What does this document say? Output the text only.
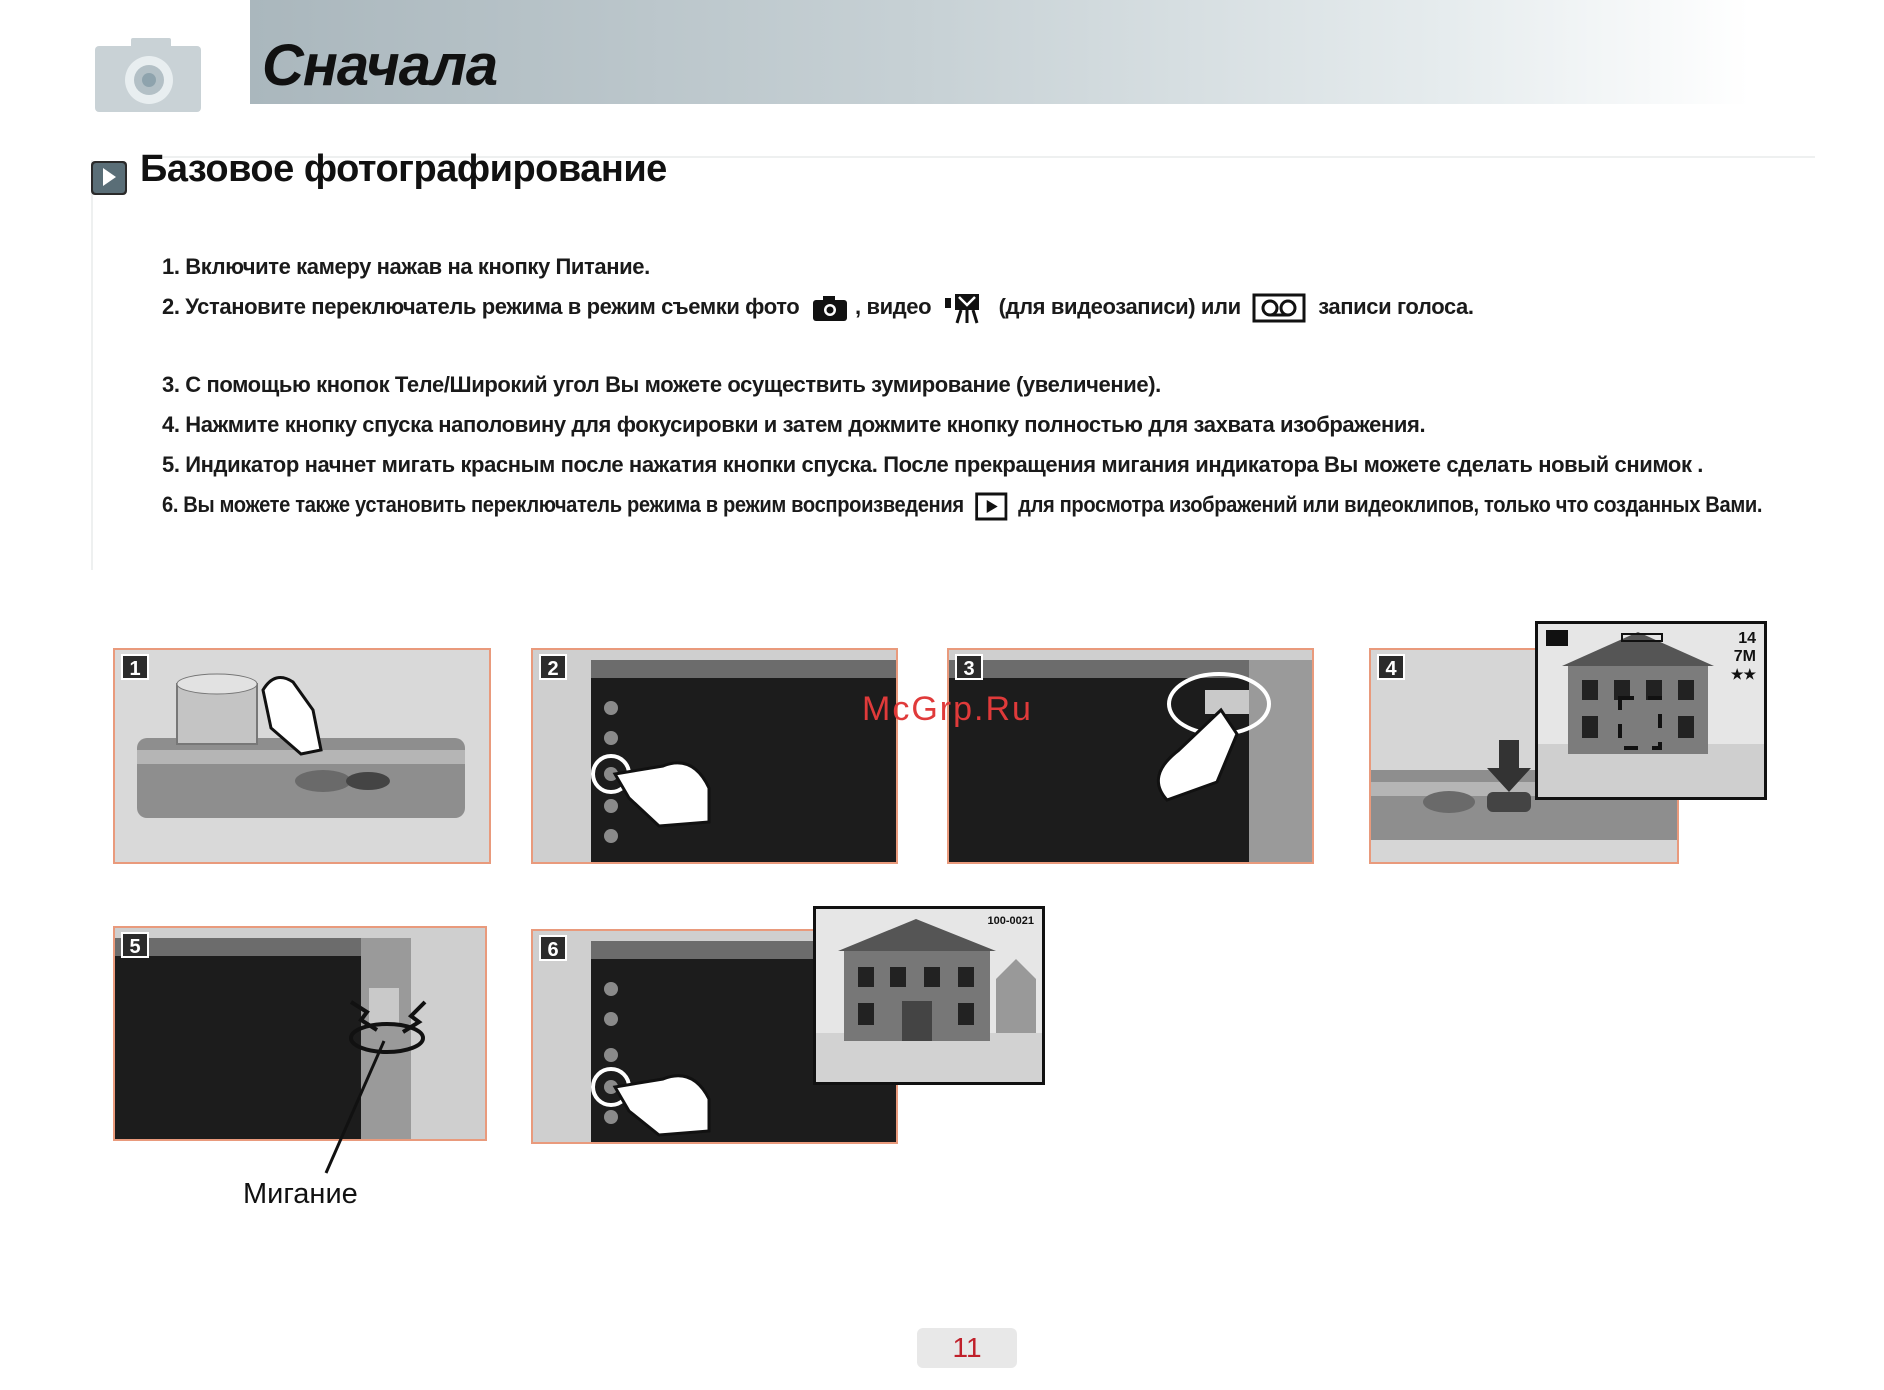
Сначала
Базовое фотографирование
1. Включите камеру нажав на кнопку Питание.
2. Установите переключатель режима в режим съемки фото	, видео	(для видеозаписи) или	записи голоса.
3. С помощью кнопок Теле/Широкий угол Вы можете осуществить зумирование (увеличение).
4. Нажмите кнопку спуска наполовину для фокусировки и затем дожмите кнопку полностью для захвата изображения.
5. Индикатор начнет мигать красным после нажатия кнопки спуска. После прекращения мигания индикатора Вы можете сделать новый снимок .
6. Вы можете также установить переключатель режима в режим воспроизведения для просмотра изображений или видеоклипов, только что созданных Вами.
1	2	3	4
14
7M
★★
5
Мигание
6
100-0021
McGrp.Ru
11
